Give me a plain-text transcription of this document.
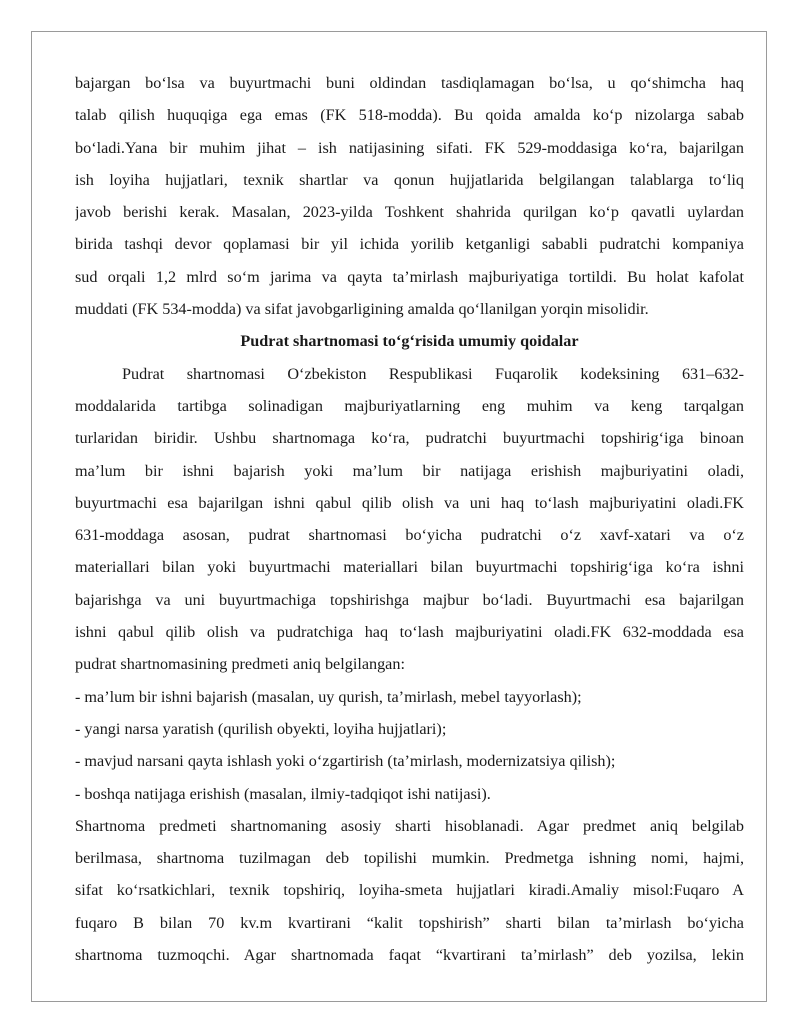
bajargan bo‘lsa va buyurtmachi buni oldindan tasdiqlamagan bo‘lsa, u qo‘shimcha haq
talab qilish huquqiga ega emas (FK 518-modda). Bu qoida amalda ko‘p nizolarga sabab
bo‘ladi.Yana bir muhim jihat – ish natijasining sifati. FK 529-moddasiga ko‘ra, bajarilgan
ish loyiha hujjatlari, texnik shartlar va qonun hujjatlarida belgilangan talablarga to‘liq
javob berishi kerak. Masalan, 2023-yilda Toshkent shahrida qurilgan ko‘p qavatli uylardan
birida tashqi devor qoplamasi bir yil ichida yorilib ketganligi sababli pudratchi kompaniya
sud orqali 1,2 mlrd so‘m jarima va qayta ta’mirlash majburiyatiga tortildi. Bu holat kafolat
muddati (FK 534-modda) va sifat javobgarligining amalda qo‘llanilgan yorqin misolidir.
Pudrat shartnomasi to‘g‘risida umumiy qoidalar
Pudrat shartnomasi O‘zbekiston Respublikasi Fuqarolik kodeksining 631–632-
moddalarida tartibga solinadigan majburiyatlarning eng muhim va keng tarqalgan
turlaridan biridir. Ushbu shartnomaga ko‘ra, pudratchi buyurtmachi topshirig‘iga binoan
ma’lum bir ishni bajarish yoki ma’lum bir natijaga erishish majburiyatini oladi,
buyurtmachi esa bajarilgan ishni qabul qilib olish va uni haq to‘lash majburiyatini oladi.FK
631-moddaga asosan, pudrat shartnomasi bo‘yicha pudratchi o‘z xavf-xatari va o‘z
materiallari bilan yoki buyurtmachi materiallari bilan buyurtmachi topshirig‘iga ko‘ra ishni
bajarishga va uni buyurtmachiga topshirishga majbur bo‘ladi. Buyurtmachi esa bajarilgan
ishni qabul qilib olish va pudratchiga haq to‘lash majburiyatini oladi.FK 632-moddada esa
pudrat shartnomasining predmeti aniq belgilangan:
- ma’lum bir ishni bajarish (masalan, uy qurish, ta’mirlash, mebel tayyorlash);
- yangi narsa yaratish (qurilish obyekti, loyiha hujjatlari);
- mavjud narsani qayta ishlash yoki o‘zgartirish (ta’mirlash, modernizatsiya qilish);
- boshqa natijaga erishish (masalan, ilmiy-tadqiqot ishi natijasi).
Shartnoma predmeti shartnomaning asosiy sharti hisoblanadi. Agar predmet aniq belgilab
berilmasa, shartnoma tuzilmagan deb topilishi mumkin. Predmetga ishning nomi, hajmi,
sifat ko‘rsatkichlari, texnik topshiriq, loyiha-smeta hujjatlari kiradi.Amaliy misol:Fuqaro A
fuqaro B bilan 70 kv.m kvartirani “kalit topshirish” sharti bilan ta’mirlash bo‘yicha
shartnoma tuzmoqchi. Agar shartnomada faqat “kvartirani ta’mirlash” deb yozilsa, lekin
